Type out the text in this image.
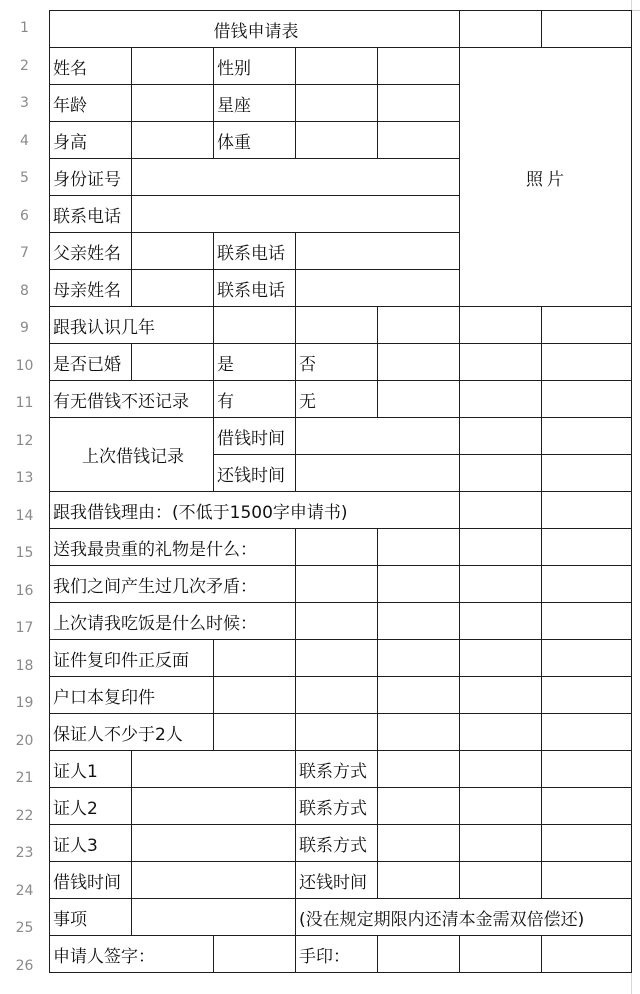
1
2
3
4
5
6
7
8
9
10
11
12
13
14
15
16
17
18
19
20
21
22
23
24
25
26
借钱申请表						
姓名		性别			照片	
年龄		星座				
身高		体重				
身份证号						
联系电话						
父亲姓名		联系电话				
母亲姓名		联系电话				
跟我认识几年						
是否已婚		是	否			
有无借钱不还记录		有	无			
上次借钱记录		借钱时间				
		还钱时间				
跟我借钱理由：(不低于1500字申请书)						
送我最贵重的礼物是什么：						
我们之间产生过几次矛盾：						
上次请我吃饭是什么时候：						
证件复印件正反面						
户口本复印件						
保证人不少于2人						
证人1			联系方式			
证人2			联系方式			
证人3			联系方式			
借钱时间			还钱时间			
事项			(没在规定期限内还清本金需双倍偿还)			
申请人签字：			手印：			
